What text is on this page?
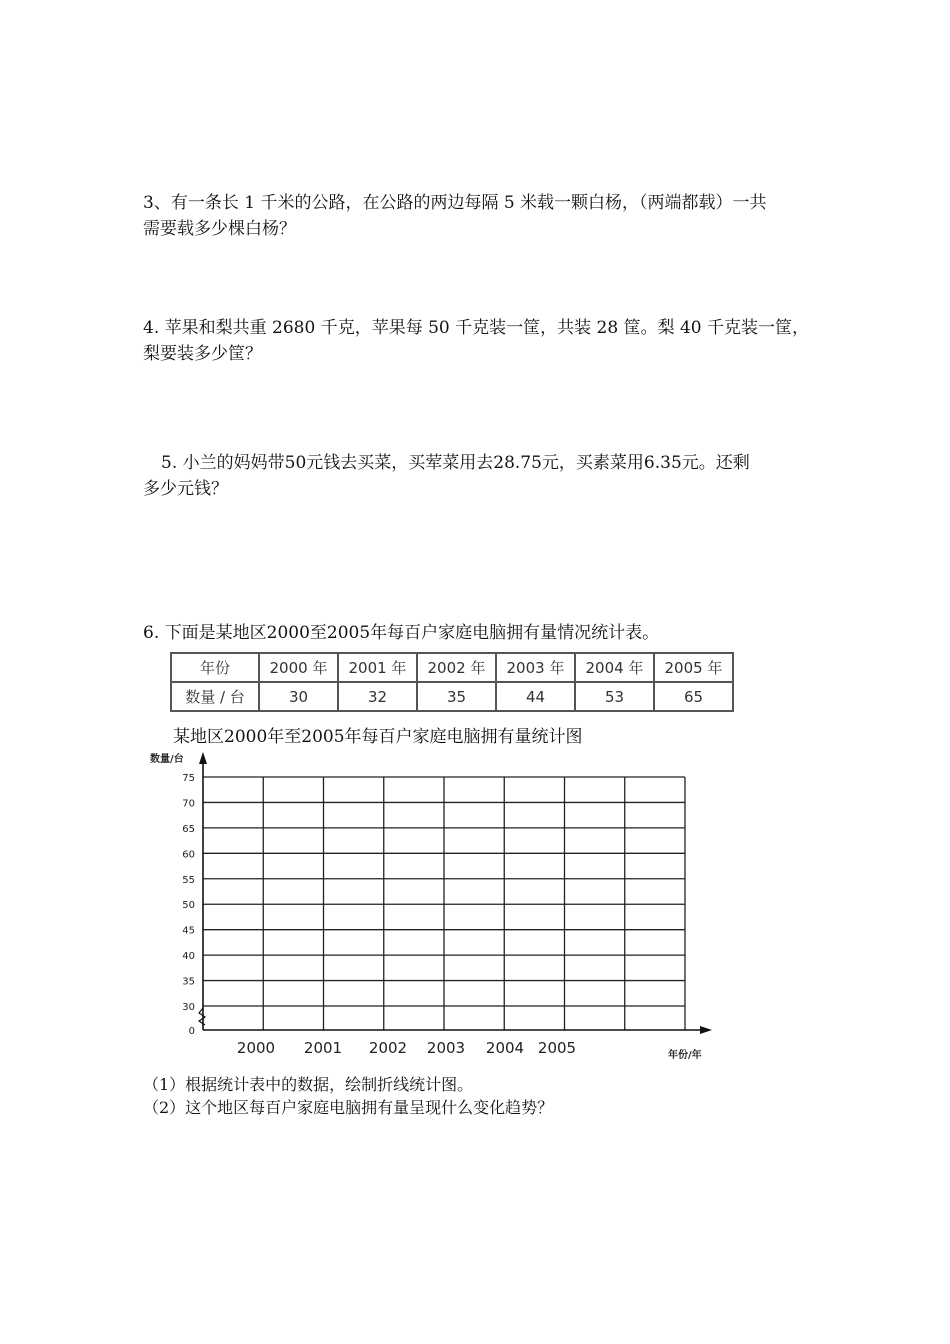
3、有一条长 1 千米的公路，在公路的两边每隔 5 米载一颗白杨，（两端都载）一共
需要载多少棵白杨？

4. 苹果和梨共重 2680 千克，苹果每 50 千克装一筐，共装 28 筐。梨 40 千克装一筐，
梨要装多少筐？

5. 小兰的妈妈带50元钱去买菜，买荤菜用去28.75元，买素菜用6.35元。还剩
多少元钱？

6. 下面是某地区2000至2005年每百户家庭电脑拥有量情况统计表。

年份	2000 年	2001 年	2002 年	2003 年	2004 年	2005 年
数量 / 台	30	32	35	44	53	65

某地区2000年至2005年每百户家庭电脑拥有量统计图

0
30
35
40
45
50
55
60
65
70
75
2000 2001 2002 2003 2004 2005
数量/台
年份/年

（1）根据统计表中的数据，绘制折线统计图。

（2）这个地区每百户家庭电脑拥有量呈现什么变化趋势？
